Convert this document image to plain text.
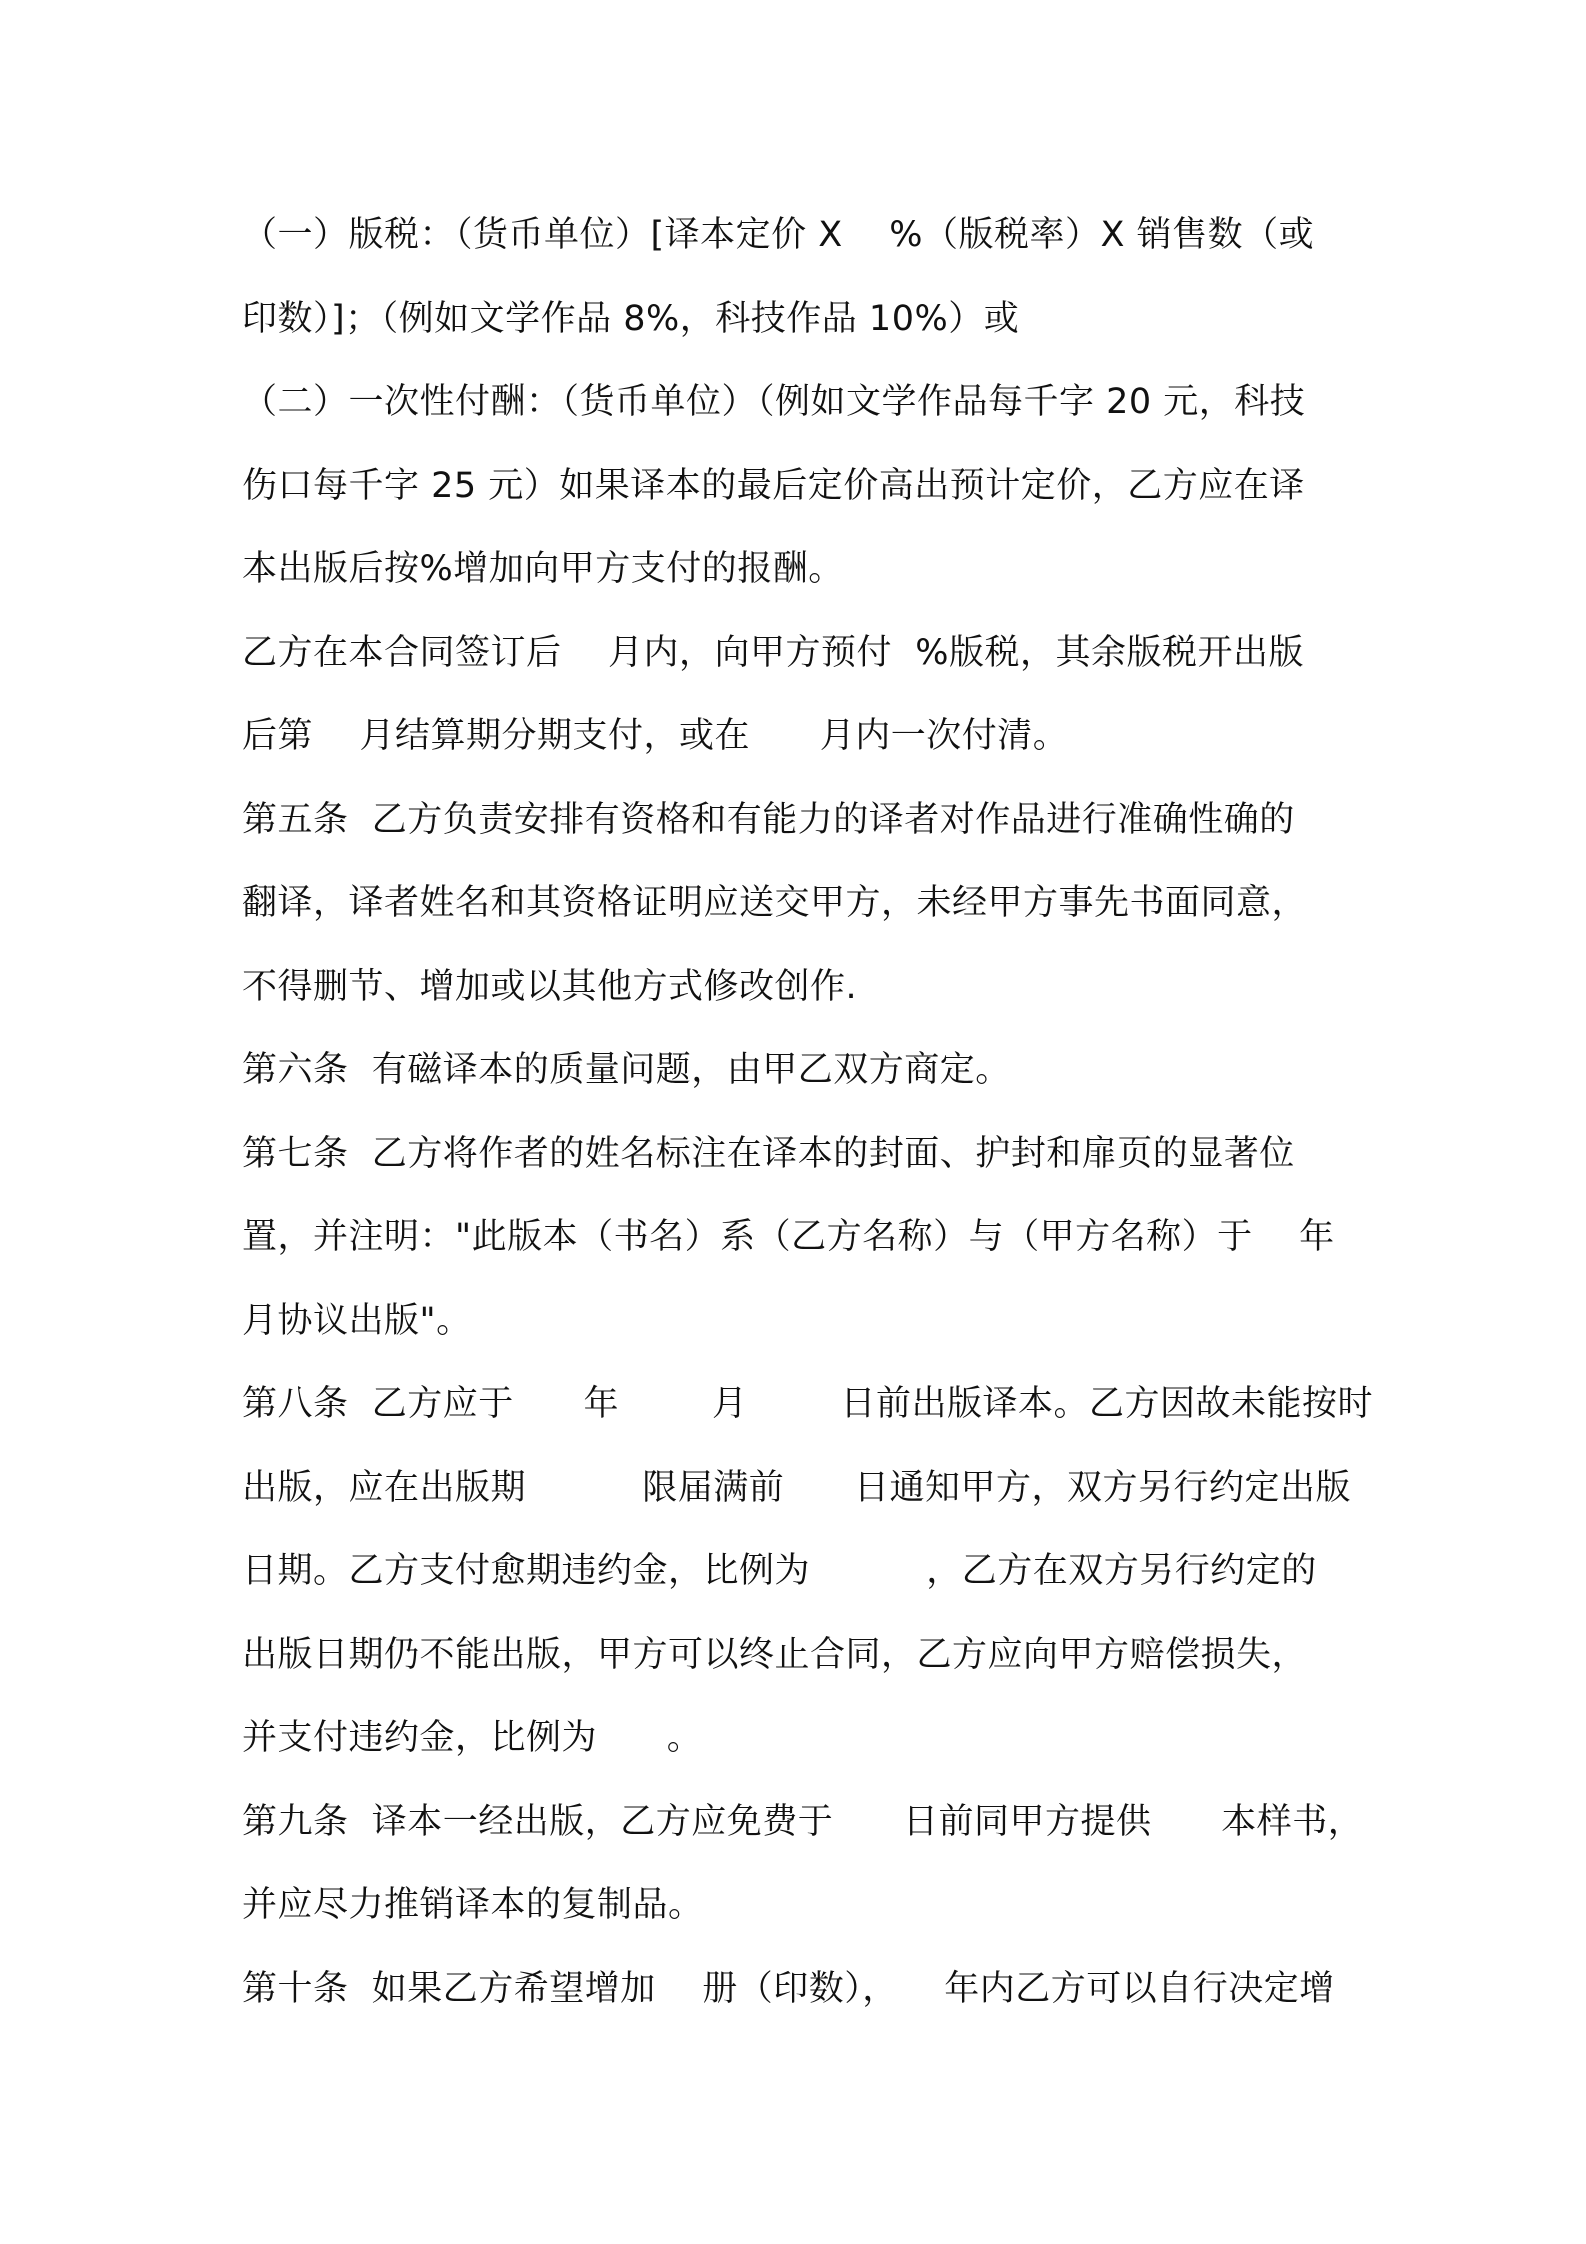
（一）版税：（货币单位）[译本定价 X    %（版税率）X 销售数（或
印数）]；（例如文学作品 8%，科技作品 10%）或
（二）一次性付酬：（货币单位）（例如文学作品每千字 20 元，科技
伤口每千字 25 元）如果译本的最后定价高出预计定价，乙方应在译
本出版后按%增加向甲方支付的报酬。
乙方在本合同签订后    月内，向甲方预付  %版税，其余版税开出版
后第    月结算期分期支付，或在      月内一次付清。
第五条  乙方负责安排有资格和有能力的译者对作品进行准确性确的
翻译，译者姓名和其资格证明应送交甲方，未经甲方事先书面同意，
不得删节、增加或以其他方式修改创作.
第六条  有磁译本的质量问题，由甲乙双方商定。
第七条  乙方将作者的姓名标注在译本的封面、护封和扉页的显著位
置，并注明："此版本（书名）系（乙方名称）与（甲方名称）于    年
月协议出版"。
第八条  乙方应于      年        月        日前出版译本。乙方因故未能按时
出版，应在出版期          限届满前      日通知甲方，双方另行约定出版
日期。乙方支付愈期违约金，比例为          ，乙方在双方另行约定的
出版日期仍不能出版，甲方可以终止合同，乙方应向甲方赔偿损失，
并支付违约金，比例为      。
第九条  译本一经出版，乙方应免费于      日前同甲方提供      本样书，
并应尽力推销译本的复制品。
第十条  如果乙方希望增加    册（印数），    年内乙方可以自行决定增
